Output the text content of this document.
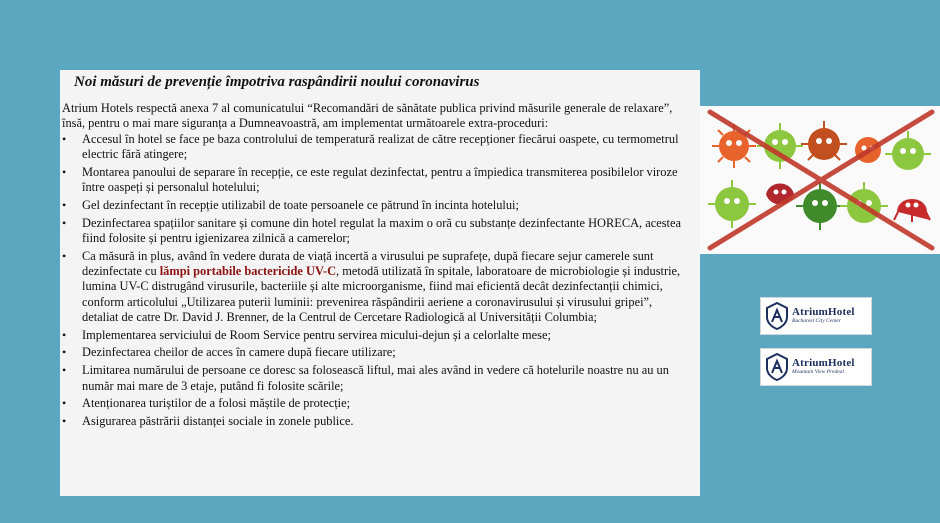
Noi măsuri de prevenție împotriva raspândirii noului coronavirus
Atrium Hotels respectă anexa 7 al comunicatului “Recomandări de sănătate publica privind măsurile generale de relaxare”, însă, pentru o mai mare siguranța a Dumneavoastră, am implementat următoarele extra-proceduri:
• Accesul în hotel se face pe baza controlului de temperatură realizat de către recepționer fiecărui oaspete, cu termometrul electric fără atingere;
• Montarea panoului de separare în recepție, ce este regulat dezinfectat, pentru a împiedica transmiterea posibilelor viroze între oaspeți și personalul hotelului;
• Gel dezinfectant în recepție utilizabil de toate persoanele ce pătrund în incinta hotelului;
• Dezinfectarea spațiilor sanitare și comune din hotel regulat la maxim o oră cu substanțe dezinfectante HORECA, acestea fiind folosite și pentru igienizarea zilnică a camerelor;
• Ca măsură in plus, având în vedere durata de viață incertă a virusului pe suprafețe, după fiecare sejur camerele sunt dezinfectate cu lămpi portabile bactericide UV-C, metodă utilizată în spitale, laboratoare de microbiologie și industrie, lumina UV-C distrugând virusurile, bacteriile și alte microorganisme, fiind mai eficientă decât dezinfectanții chimici, conform articolului „Utilizarea puterii luminii: prevenirea răspândirii aeriene a coronavirusului și virusului gripei”, detaliat de catre Dr. David J. Brenner, de la Centrul de Cercetare Radiologică al Universității Columbia;
• Implementarea serviciului de Room Service pentru servirea micului-dejun și a celorlalte mese;
• Dezinfectarea cheilor de acces în camere după fiecare utilizare;
• Limitarea numărului de persoane ce doresc sa folosească liftul, mai ales având in vedere că hotelurile noastre nu au un număr mai mare de 3 etaje, putând fi folosite scările;
• Atenționarea turiștilor de a folosi măștile de protecție;
• Asigurarea păstrării distanței sociale in zonele publice.
AtriumHotel
Bucharest City Center
AtriumHotel
Mountain View Predeal
